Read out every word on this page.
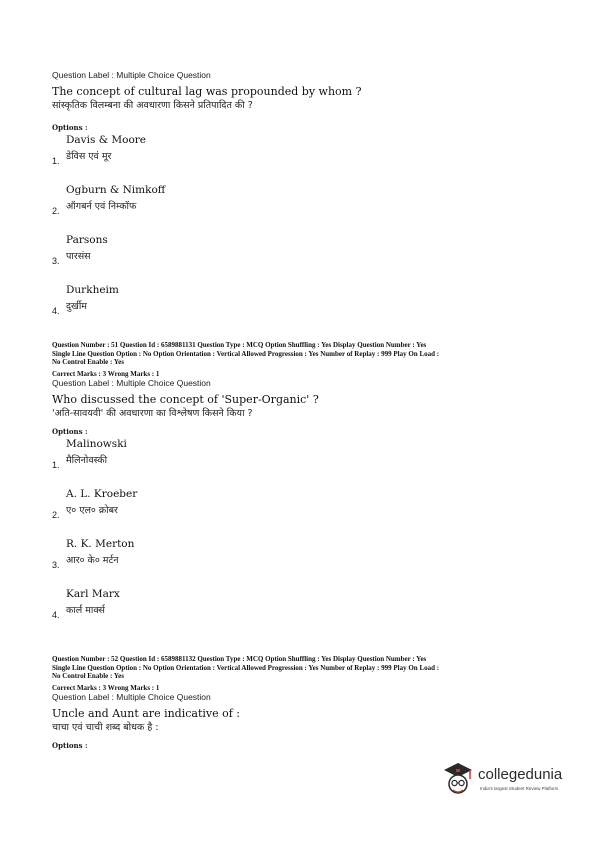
Question Label : Multiple Choice Question
The concept of cultural lag was propounded by whom ?
सांस्कृतिक विलम्बना की अवधारणा किसने प्रतिपादित की ?
Options :
Davis & Moore
1. डेविस एवं मूर
Ogburn & Nimkoff
2. ऑगबर्न एवं निम्कॉफ
Parsons
3. पारसंस
Durkheim
4. दुर्खीम
Question Number : 51 Question Id : 6589881131 Question Type : MCQ Option Shuffling : Yes Display Question Number : Yes
Single Line Question Option : No Option Orientation : Vertical Allowed Progression : Yes Number of Replay : 999 Play On Load :
No Control Enable : Yes
Correct Marks : 3 Wrong Marks : 1
Question Label : Multiple Choice Question
Who discussed the concept of 'Super-Organic' ?
'अति-सावयवी' की अवधारणा का विश्लेषण किसने किया ?
Options :
Malinowski
1. मैलिनोवस्की
A. L. Kroeber
2. ए० एल० क्रोबर
R. K. Merton
3. आर० के० मर्टन
Karl Marx
4. कार्ल मार्क्स
Question Number : 52 Question Id : 6589881132 Question Type : MCQ Option Shuffling : Yes Display Question Number : Yes
Single Line Question Option : No Option Orientation : Vertical Allowed Progression : Yes Number of Replay : 999 Play On Load :
No Control Enable : Yes
Correct Marks : 3 Wrong Marks : 1
Question Label : Multiple Choice Question
Uncle and Aunt are indicative of :
चाचा एवं चाची शब्द बोधक है :
Options :
collegedunia
India's largest Student Review Platform
